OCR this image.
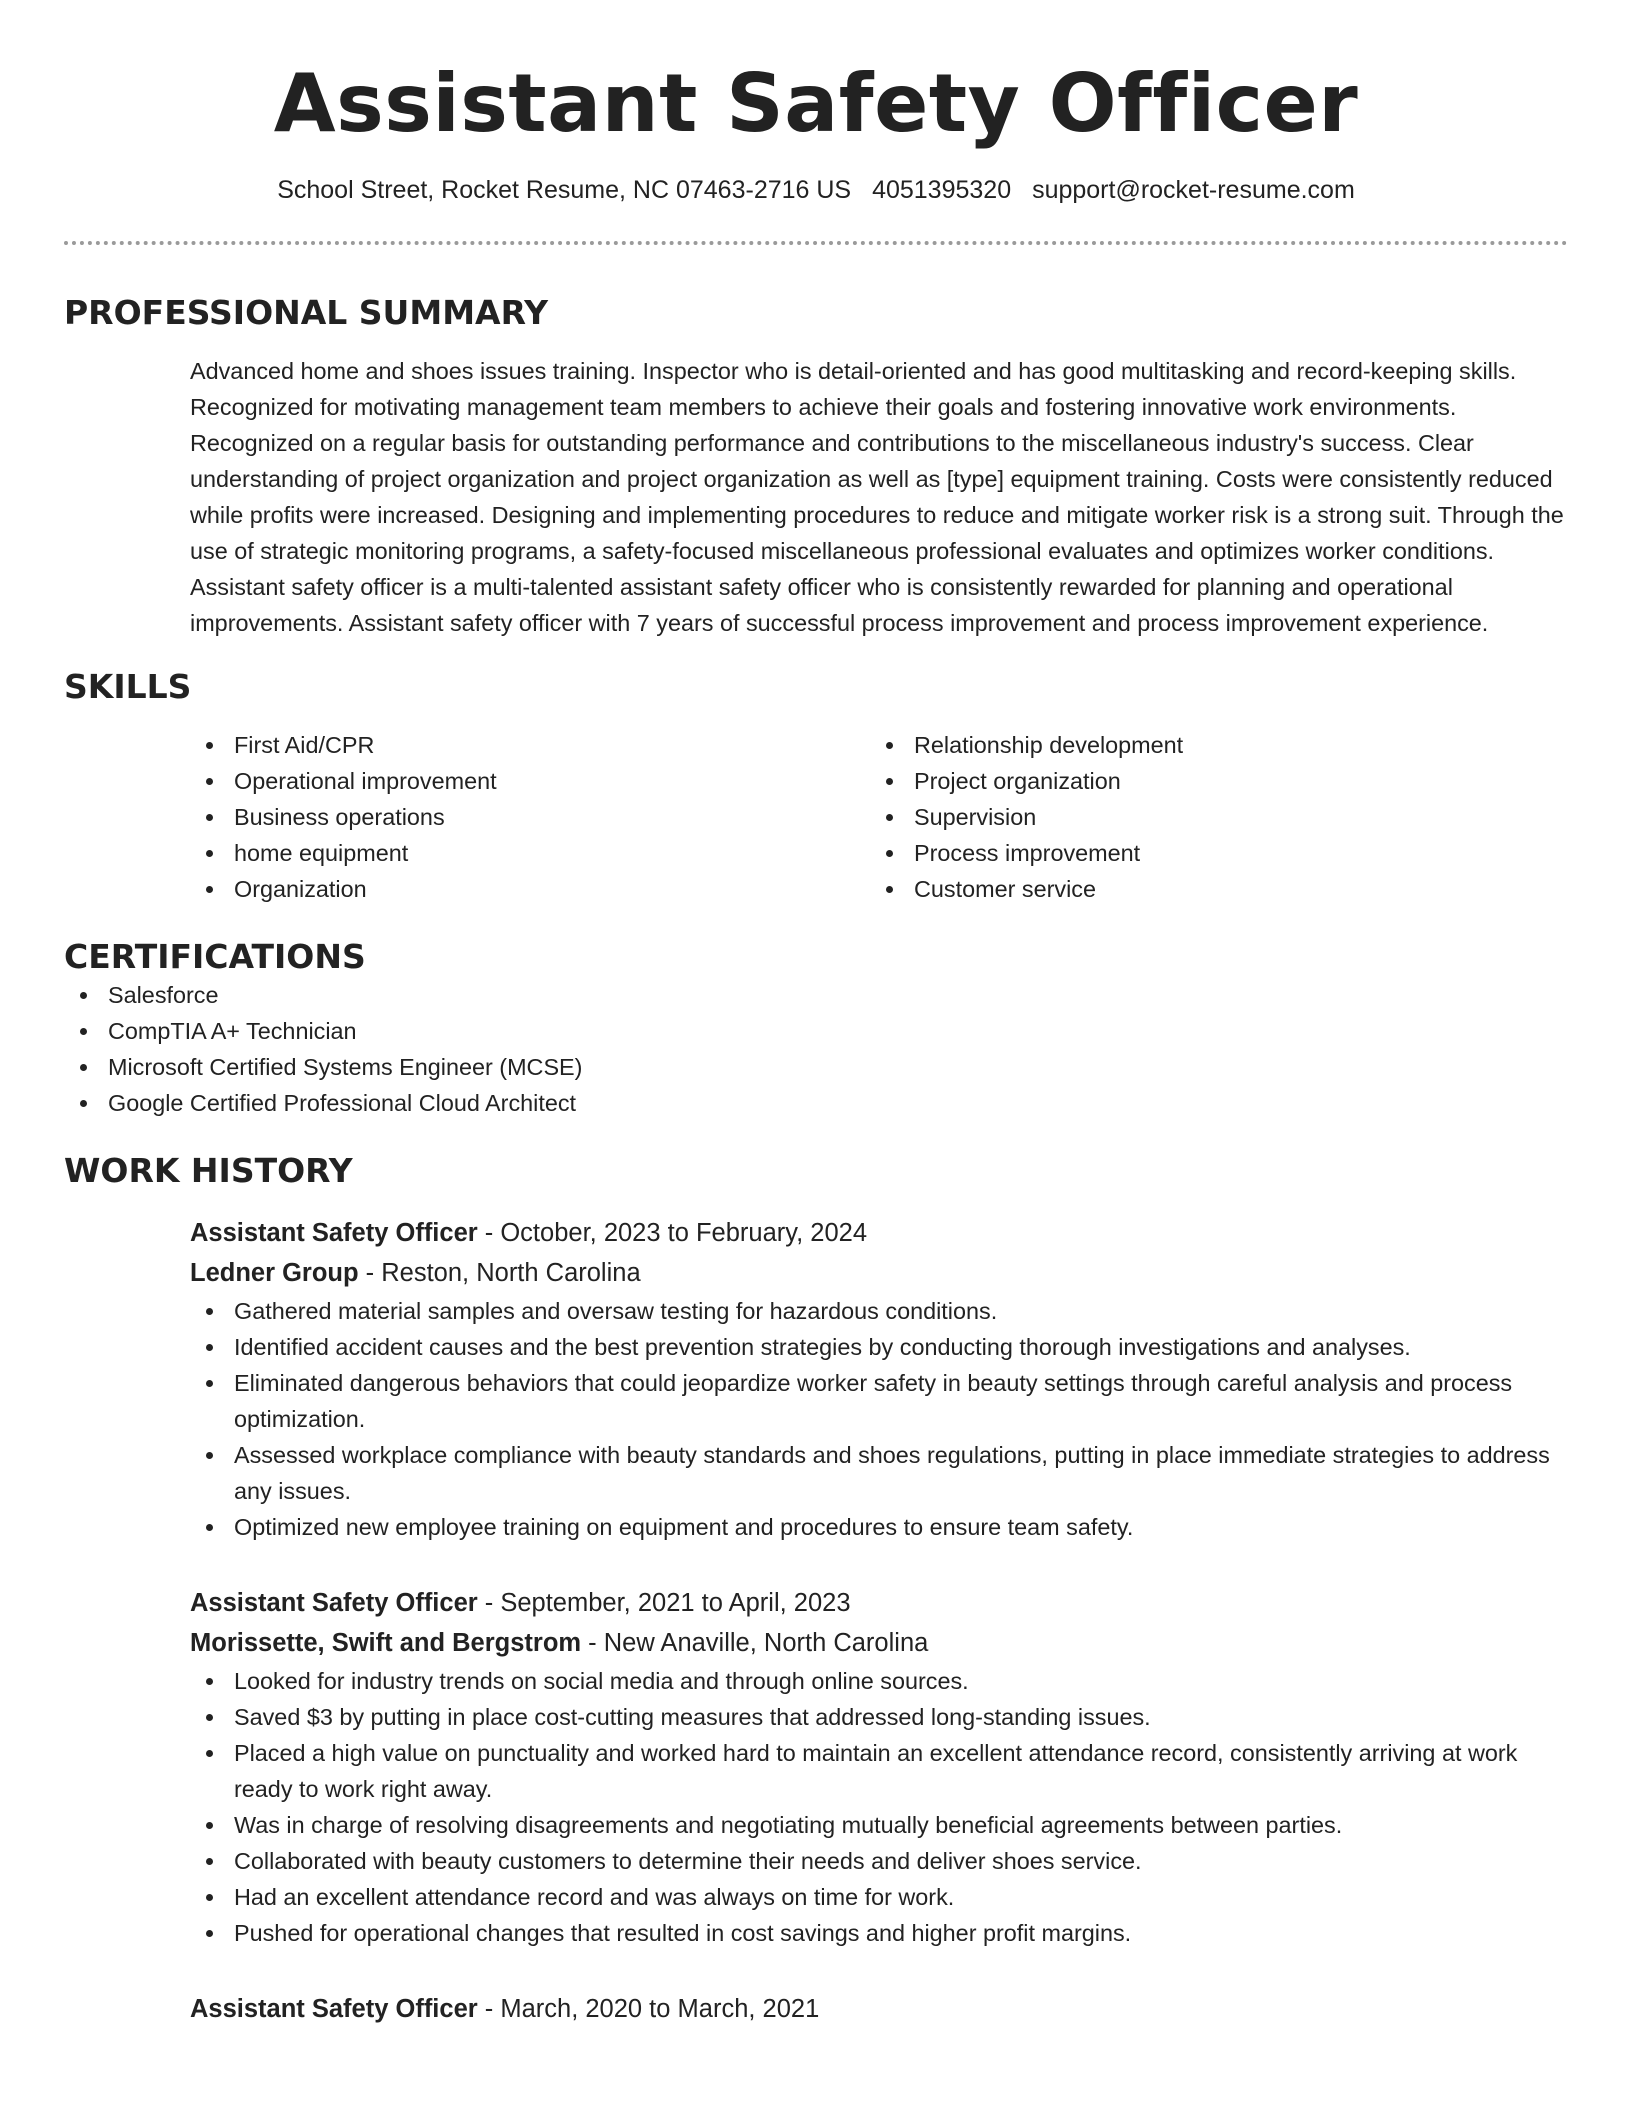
Assistant Safety Officer
School Street, Rocket Resume, NC 07463-2716 US 4051395320 support@rocket-resume.com
PROFESSIONAL SUMMARY

Advanced home and shoes issues training. Inspector who is detail-oriented and has good multitasking and record-keeping skills. Recognized for motivating management team members to achieve their goals and fostering innovative work environments. Recognized on a regular basis for outstanding performance and contributions to the miscellaneous industry's success. Clear understanding of project organization and project organization as well as [type] equipment training. Costs were consistently reduced while profits were increased. Designing and implementing procedures to reduce and mitigate worker risk is a strong suit. Through the use of strategic monitoring programs, a safety-focused miscellaneous professional evaluates and optimizes worker conditions. Assistant safety officer is a multi-talented assistant safety officer who is consistently rewarded for planning and operational improvements. Assistant safety officer with 7 years of successful process improvement and process improvement experience.

SKILLS
First Aid/CPR
Operational improvement
Business operations
home equipment
Organization
Relationship development
Project organization
Supervision
Process improvement
Customer service
CERTIFICATIONS
Salesforce
CompTIA A+ Technician
Microsoft Certified Systems Engineer (MCSE)
Google Certified Professional Cloud Architect
WORK HISTORY
Assistant Safety Officer - October, 2023 to February, 2024
Ledner Group - Reston, North Carolina
Gathered material samples and oversaw testing for hazardous conditions.
Identified accident causes and the best prevention strategies by conducting thorough investigations and analyses.
Eliminated dangerous behaviors that could jeopardize worker safety in beauty settings through careful analysis and process optimization.
Assessed workplace compliance with beauty standards and shoes regulations, putting in place immediate strategies to address any issues.
Optimized new employee training on equipment and procedures to ensure team safety.
Assistant Safety Officer - September, 2021 to April, 2023
Morissette, Swift and Bergstrom - New Anaville, North Carolina
Looked for industry trends on social media and through online sources.
Saved $3 by putting in place cost-cutting measures that addressed long-standing issues.
Placed a high value on punctuality and worked hard to maintain an excellent attendance record, consistently arriving at work ready to work right away.
Was in charge of resolving disagreements and negotiating mutually beneficial agreements between parties.
Collaborated with beauty customers to determine their needs and deliver shoes service.
Had an excellent attendance record and was always on time for work.
Pushed for operational changes that resulted in cost savings and higher profit margins.
Assistant Safety Officer - March, 2020 to March, 2021
